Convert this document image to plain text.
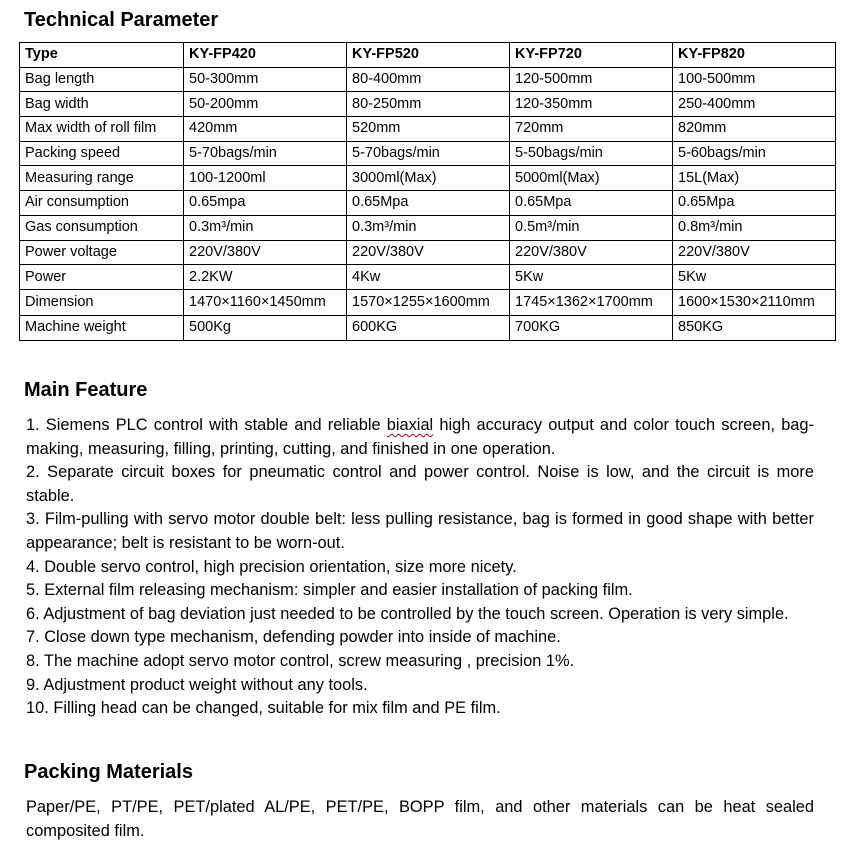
Technical Parameter
Type	KY-FP420	KY-FP520	KY-FP720	KY-FP820
Bag length	50-300mm	80-400mm	120-500mm	100-500mm
Bag width	50-200mm	80-250mm	120-350mm	250-400mm
Max width of roll film	420mm	520mm	720mm	820mm
Packing speed	5-70bags/min	5-70bags/min	5-50bags/min	5-60bags/min
Measuring range	100-1200ml	3000ml(Max)	5000ml(Max)	15L(Max)
Air consumption	0.65mpa	0.65Mpa	0.65Mpa	0.65Mpa
Gas consumption	0.3m³/min	0.3m³/min	0.5m³/min	0.8m³/min
Power voltage	220V/380V	220V/380V	220V/380V	220V/380V
Power	2.2KW	4Kw	5Kw	5Kw
Dimension	1470×1160×1450mm	1570×1255×1600mm	1745×1362×1700mm	1600×1530×2110mm
Machine weight	500Kg	600KG	700KG	850KG
Main Feature

1. Siemens PLC control with stable and reliable biaxial high accuracy output and color touch screen, bag-making, measuring, filling, printing, cutting, and finished in one operation.

2. Separate circuit boxes for pneumatic control and power control. Noise is low, and the circuit is more stable.

3. Film-pulling with servo motor double belt: less pulling resistance, bag is formed in good shape with better appearance; belt is resistant to be worn-out.

4. Double servo control, high precision orientation, size more nicety.

5. External film releasing mechanism: simpler and easier installation of packing film.

6. Adjustment of bag deviation just needed to be controlled by the touch screen. Operation is very simple.

7. Close down type mechanism, defending powder into inside of machine.

8. The machine adopt servo motor control, screw measuring , precision 1%.

9. Adjustment product weight without any tools.

10. Filling head can be changed, suitable for mix film and PE film.

Packing Materials

Paper/PE, PT/PE, PET/plated AL/PE, PET/PE, BOPP film, and other materials can be heat sealed composited film.
